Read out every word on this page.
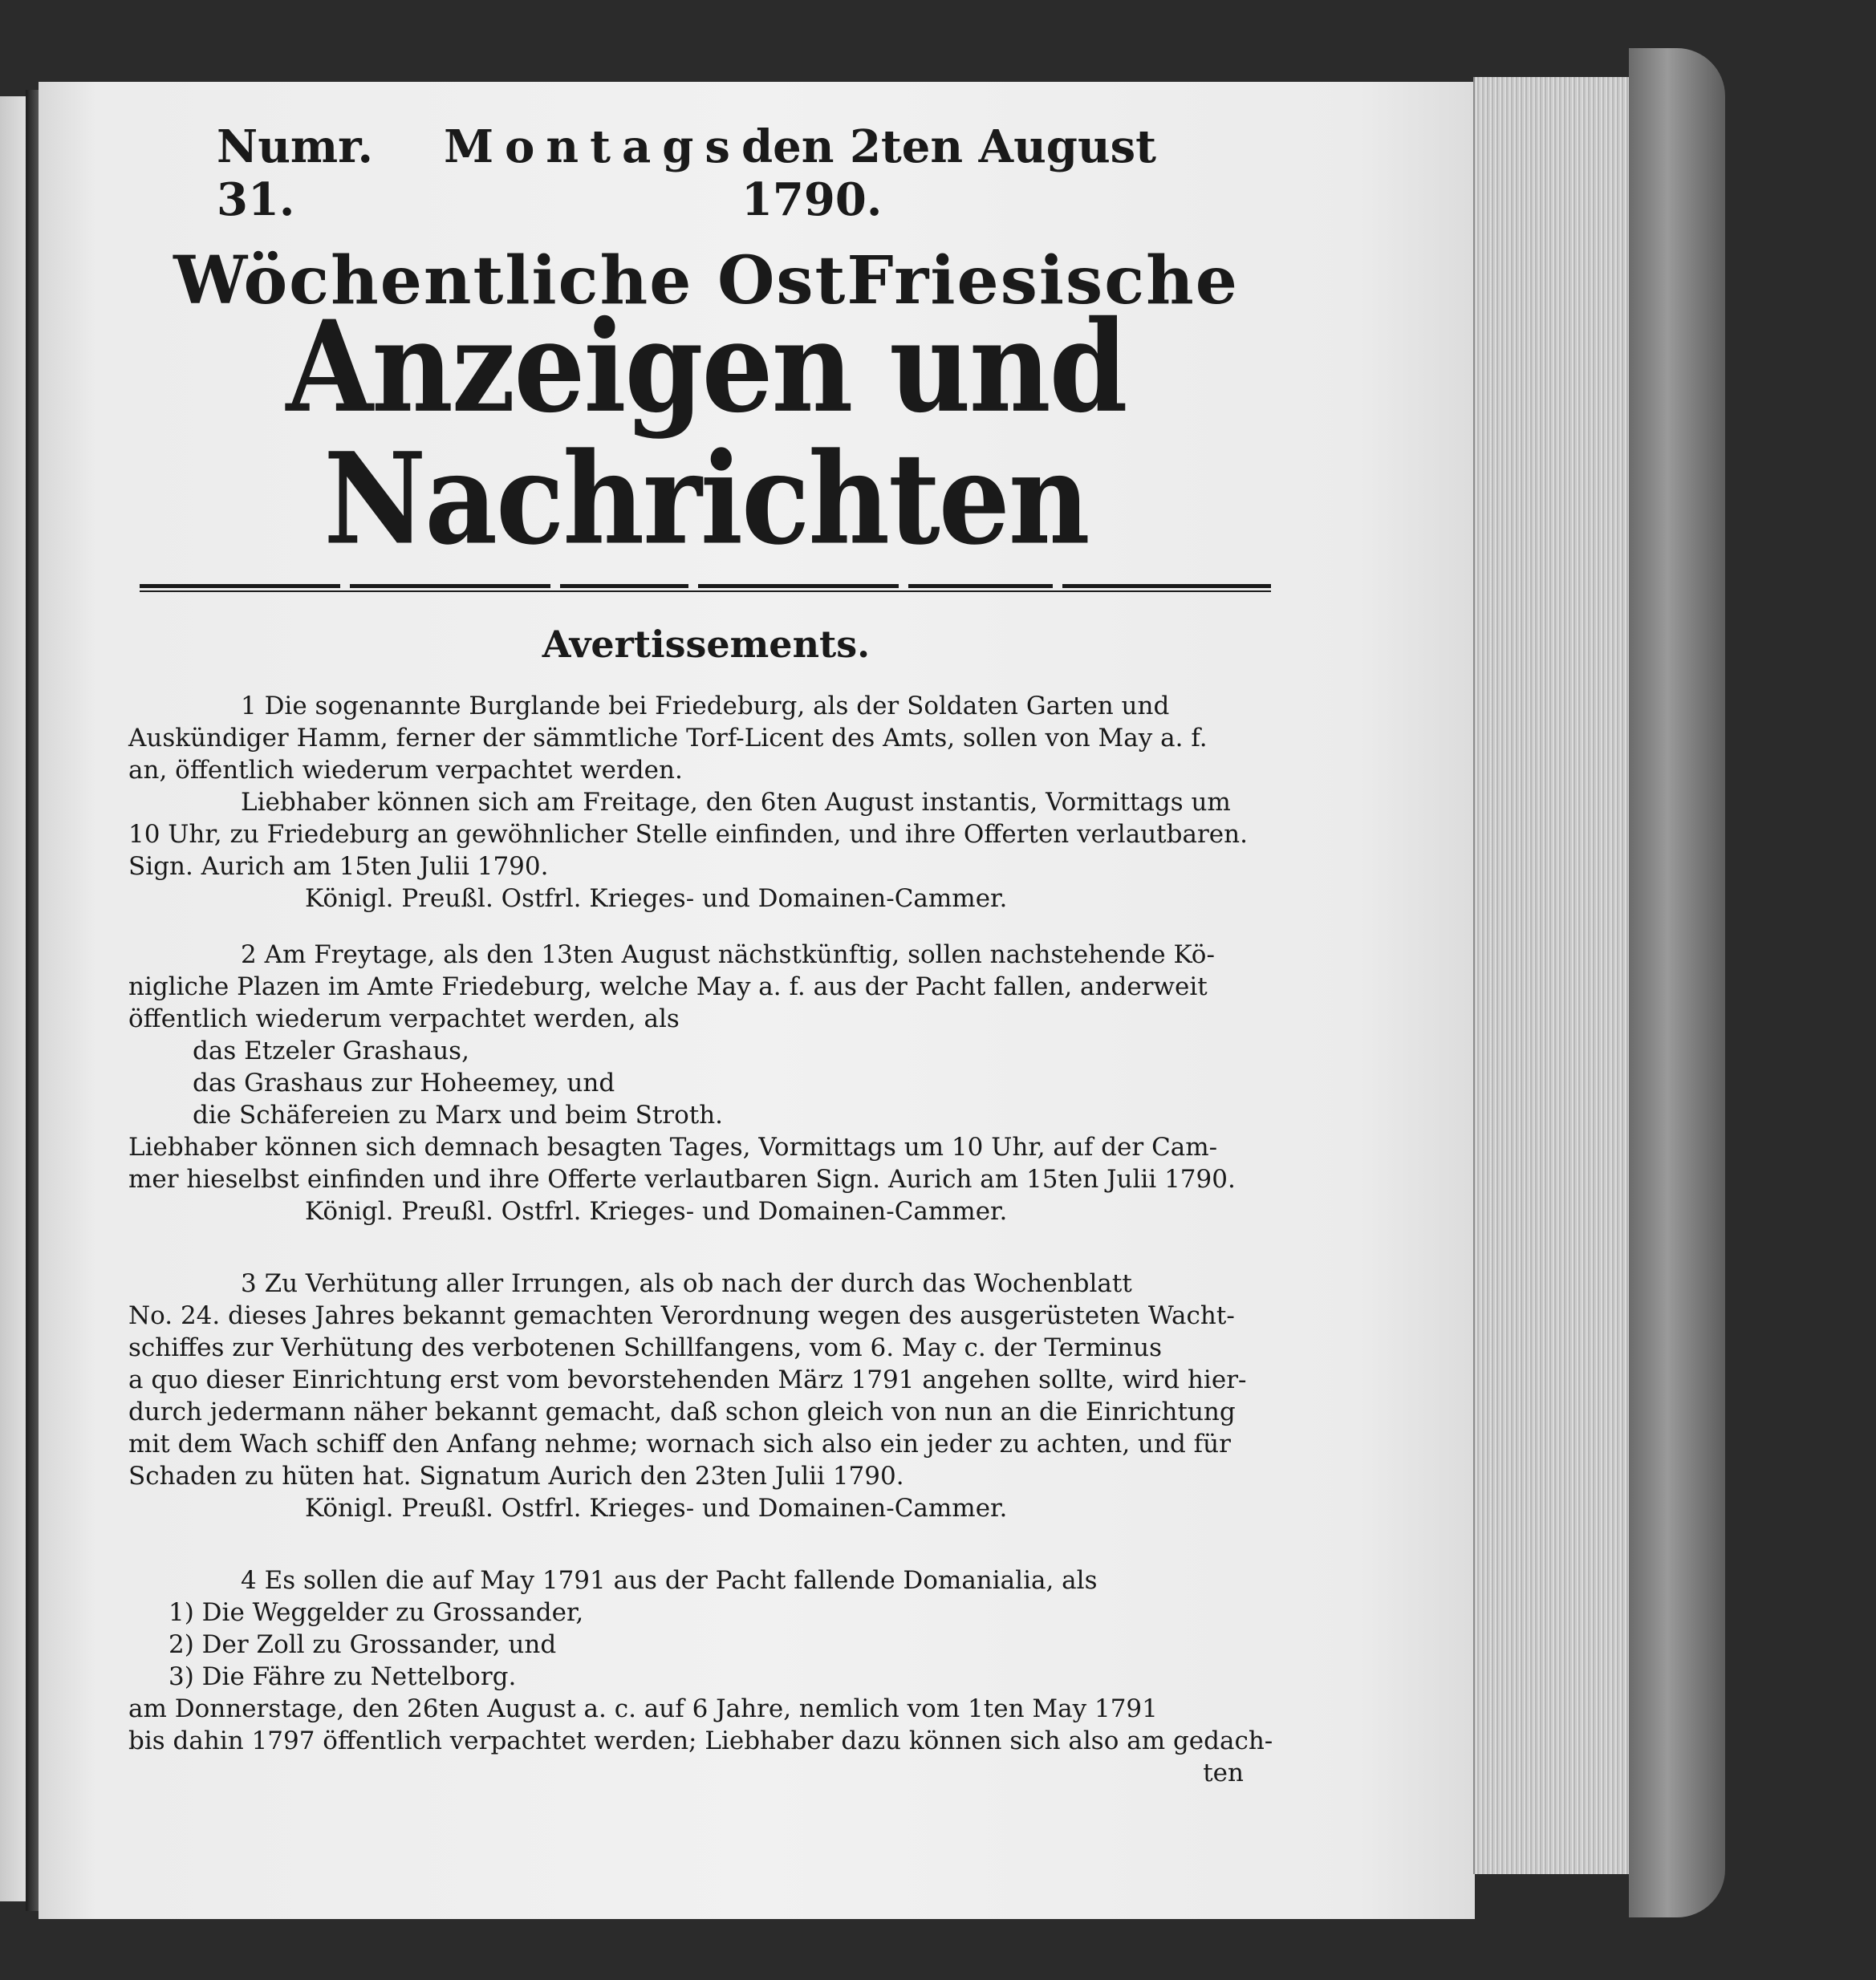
Numr. 31.
Montags den 2ten August 1790.
Wöchentliche OstFriesische
Anzeigen und Nachrichten
Avertissements.

1 Die sogenannte Burglande bei Friedeburg, als der Soldaten Garten und

Auskündiger Hamm, ferner der sämmtliche Torf-Licent des Amts, sollen von May a. f.

an, öffentlich wiederum verpachtet werden.

Liebhaber können sich am Freitage, den 6ten August instantis, Vormittags um

10 Uhr, zu Friedeburg an gewöhnlicher Stelle einfinden, und ihre Offerten verlautbaren.

Sign. Aurich am 15ten Julii 1790.

Königl. Preußl. Ostfrl. Krieges- und Domainen-Cammer.

2 Am Freytage, als den 13ten August nächstkünftig, sollen nachstehende Kö-

nigliche Plazen im Amte Friedeburg, welche May a. f. aus der Pacht fallen, anderweit

öffentlich wiederum verpachtet werden, als

das Etzeler Grashaus,

das Grashaus zur Hoheemey, und

die Schäfereien zu Marx und beim Stroth.

Liebhaber können sich demnach besagten Tages, Vormittags um 10 Uhr, auf der Cam-

mer hieselbst einfinden und ihre Offerte verlautbaren Sign. Aurich am 15ten Julii 1790.

Königl. Preußl. Ostfrl. Krieges- und Domainen-Cammer.

3 Zu Verhütung aller Irrungen, als ob nach der durch das Wochenblatt

No. 24. dieses Jahres bekannt gemachten Verordnung wegen des ausgerüsteten Wacht-

schiffes zur Verhütung des verbotenen Schillfangens, vom 6. May c. der Terminus

a quo dieser Einrichtung erst vom bevorstehenden März 1791 angehen sollte, wird hier-

durch jedermann näher bekannt gemacht, daß schon gleich von nun an die Einrichtung

mit dem Wach schiff den Anfang nehme; wornach sich also ein jeder zu achten, und für

Schaden zu hüten hat. Signatum Aurich den 23ten Julii 1790.

Königl. Preußl. Ostfrl. Krieges- und Domainen-Cammer.

4 Es sollen die auf May 1791 aus der Pacht fallende Domanialia, als

1) Die Weggelder zu Grossander,

2) Der Zoll zu Grossander, und

3) Die Fähre zu Nettelborg.

am Donnerstage, den 26ten August a. c. auf 6 Jahre, nemlich vom 1ten May 1791

bis dahin 1797 öffentlich verpachtet werden; Liebhaber dazu können sich also am gedach-

ten
